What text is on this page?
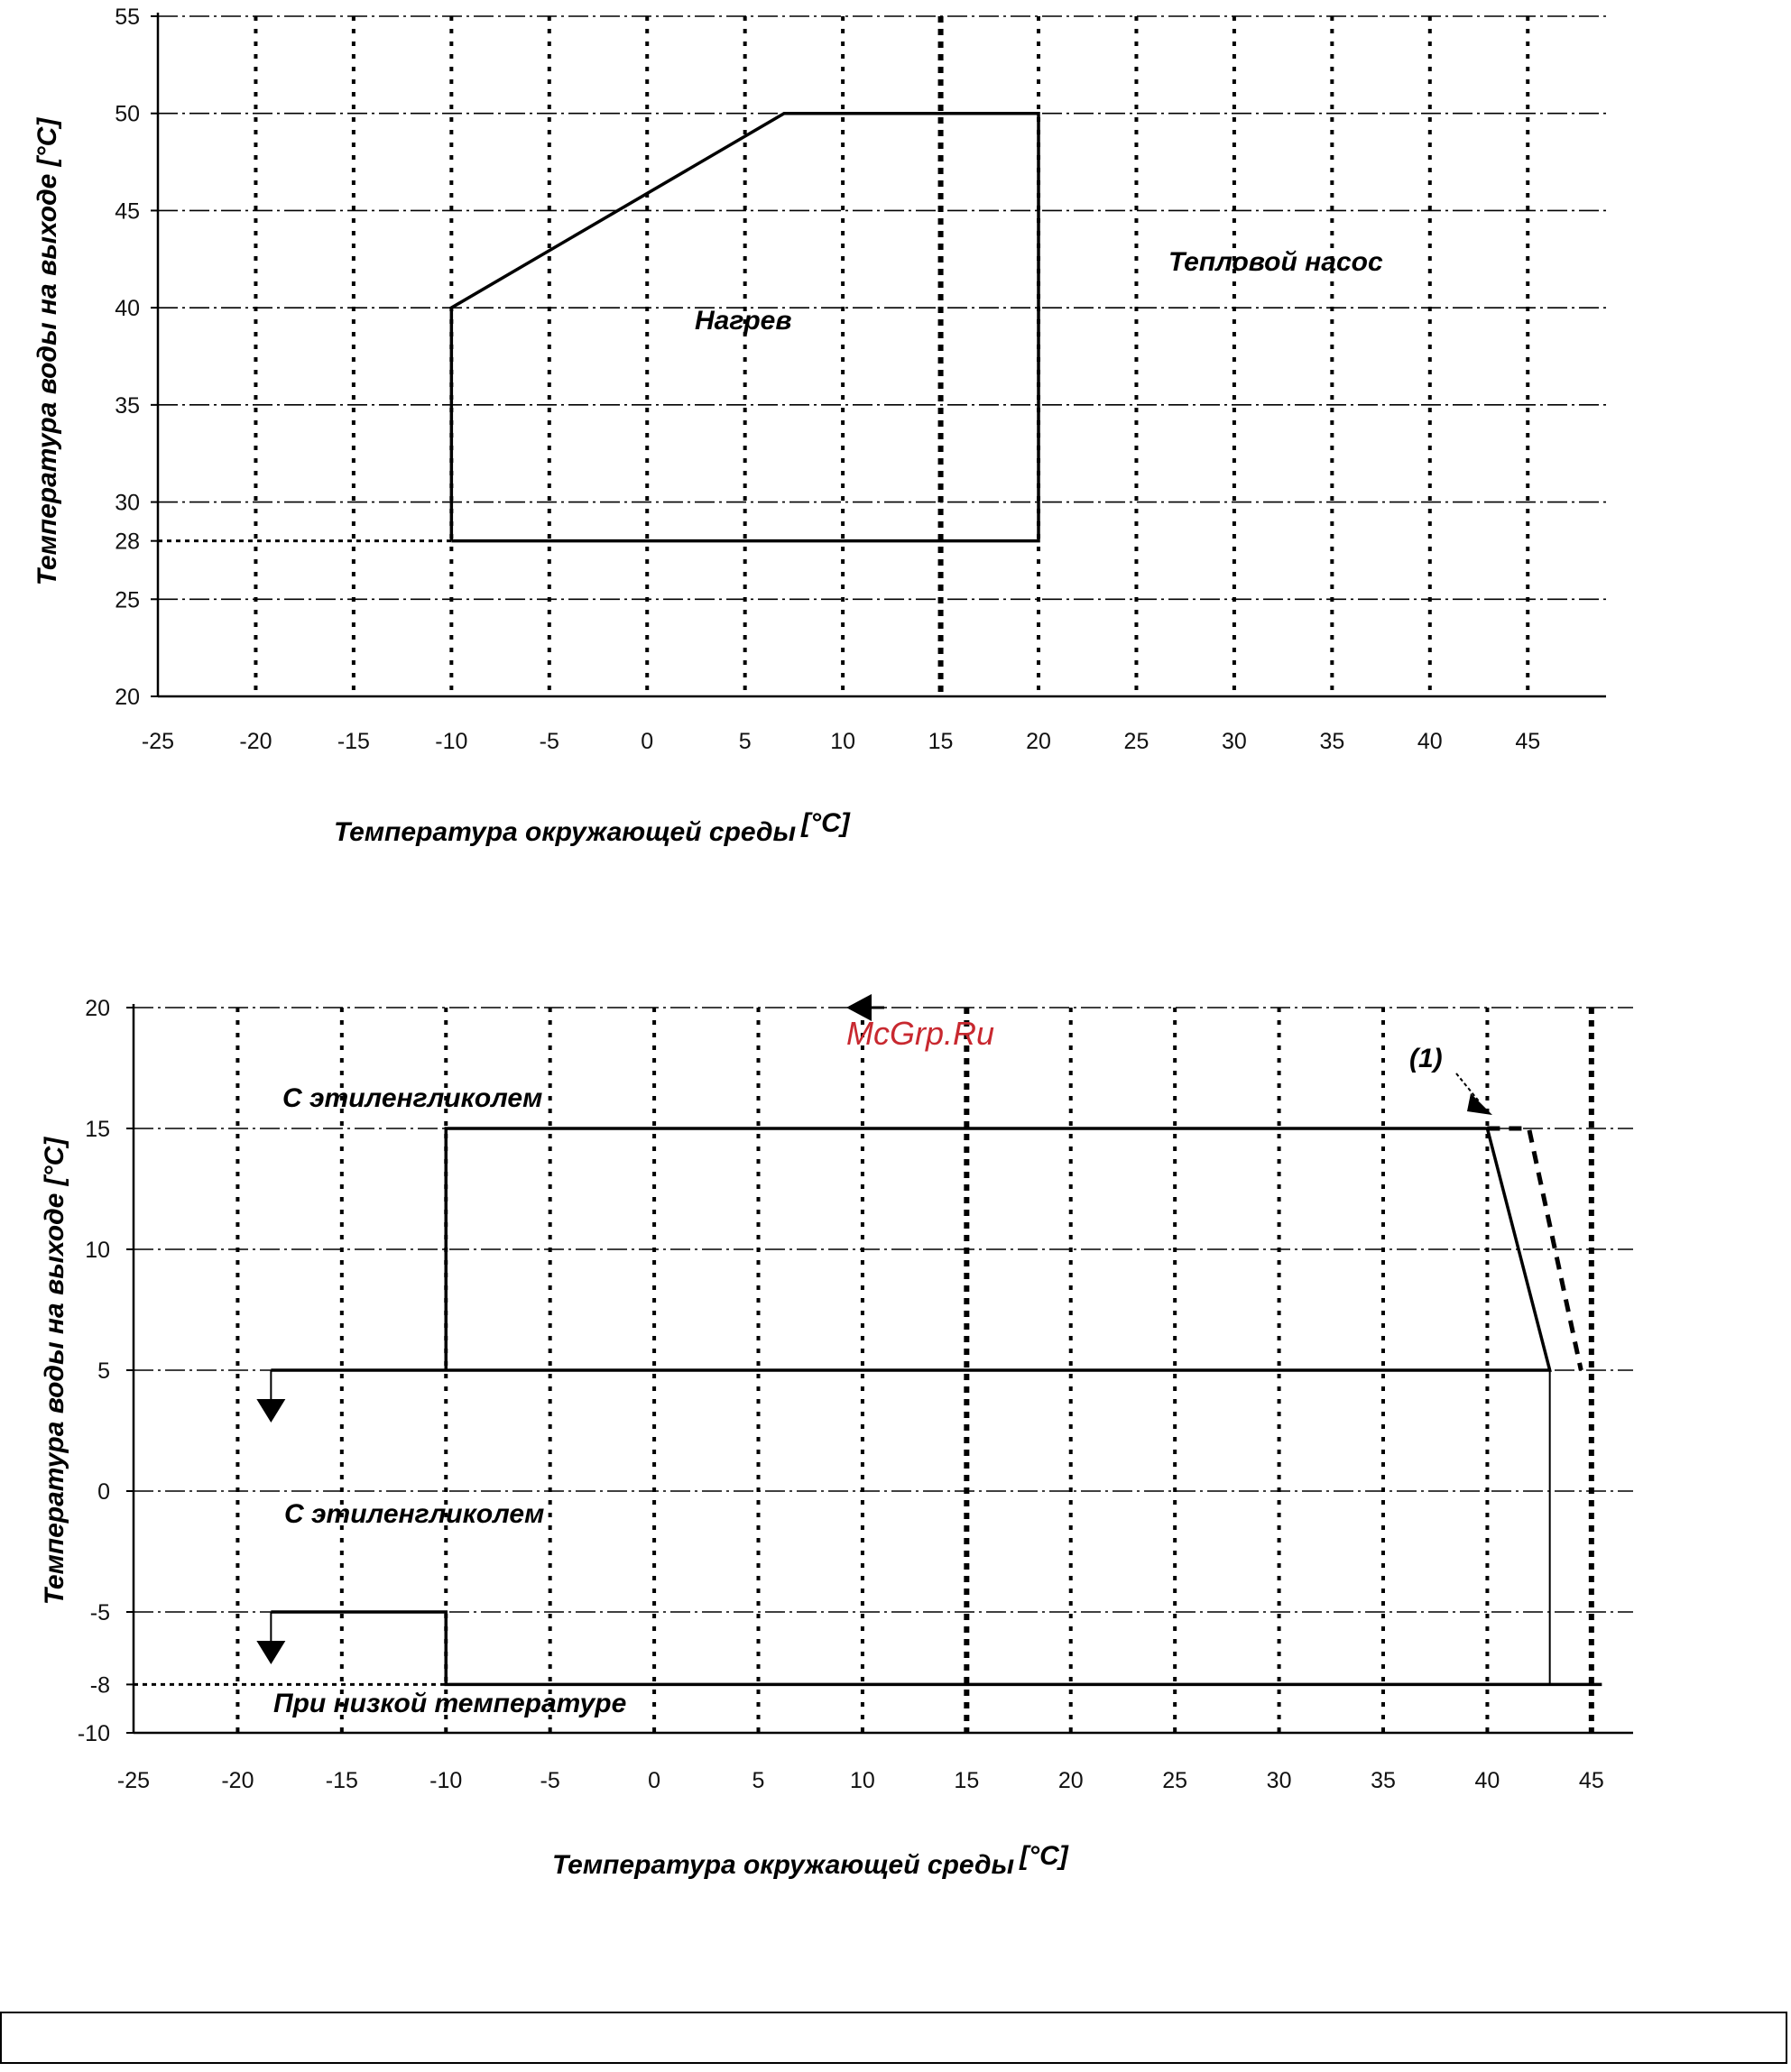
-25	-20	-15	-10	-5	0	5	10	15	20	25	30	35	40	45
20
25
28
30
35
40
45
50
55
Температура окружающей среды [°C]
Температура воды на выходе [°C]	Нагрев
Тепловой насос
-25	-20	-15	-10	-5	0	5	10	15	20	25	30	35	40	45
-10
-8
-5
0
5
10
15
20
Температура окружающей среды [°C]
Температура воды на выходе [°C]
С этиленгликолем
С этиленгликолем
При низкой температуре
(1)
McGrp.Ru
